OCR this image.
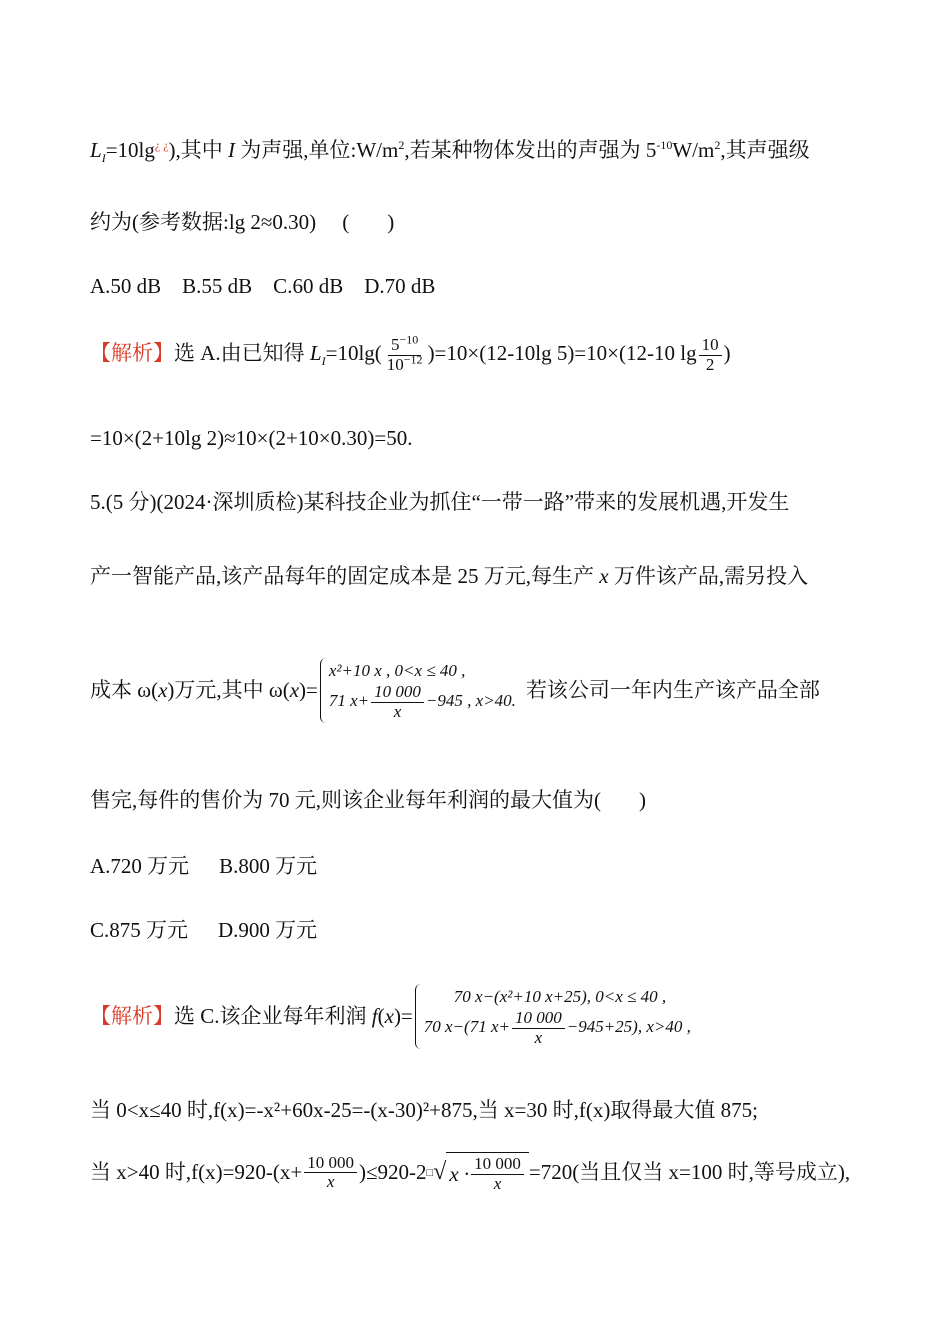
$L_I=10\lg^{¿ ¿}$),其中 I 为声强,单位$:W/m^2$,若某种物体发出的声强为 $5^{-10}W/m^2$,其声强级
约为(参考数据:lg 2≈0.30) ( )
A.50 dB    B.55 dB    C.60 dB    D.70 dB
【解析】选 A.由已知得 $L_I=10\lg( \frac{5^{-10}}{10^{-12}} )=10\times(12-10\lg$ 5)=10×(12-10 $\lg \frac{10}{2}$ )
=10×(2+10lg 2)≈10×(2+10×0.30)=50.
5.(5 分)(2024·深圳质检)某科技企业为抓住“一带一路”带来的发展机遇,开发生
产一智能产品,该产品每年的固定成本是 25 万元,每生产 x 万件该产品,需另投入
成本 ω(x)万元,其中 ω(x)=
x²+10 x , 0<x ≤ 40 ,
71 $x+ \frac{10 000}{x} -945$ , x>40. 若该公司一年内生产该产品全部
售完,每件的售价为 70 元,则该企业每年利润的最大值为( )
A.720 万元 B.800 万元
C.875 万元 D.900 万元
【解析】选 C.该企业每年利润 f(x)=
70 x−(x²+10 x+25), 0<x ≤ 40 ,
70 x−(71 $x+ \frac{10 000}{x} -945+25$), x>40 ,
当 0<x≤40 时,f(x)=-x²+60x-25=-(x-30)²+875,当 x=30 时,f(x)取得最大值 875;
当 x>40 时$,f(x)=920-(x+ \frac{10 000}{x} )\le 920-2$ □ √ $x \cdot \frac{10 000}{x} =720$(当且仅当 x=100 时,等号成立),
